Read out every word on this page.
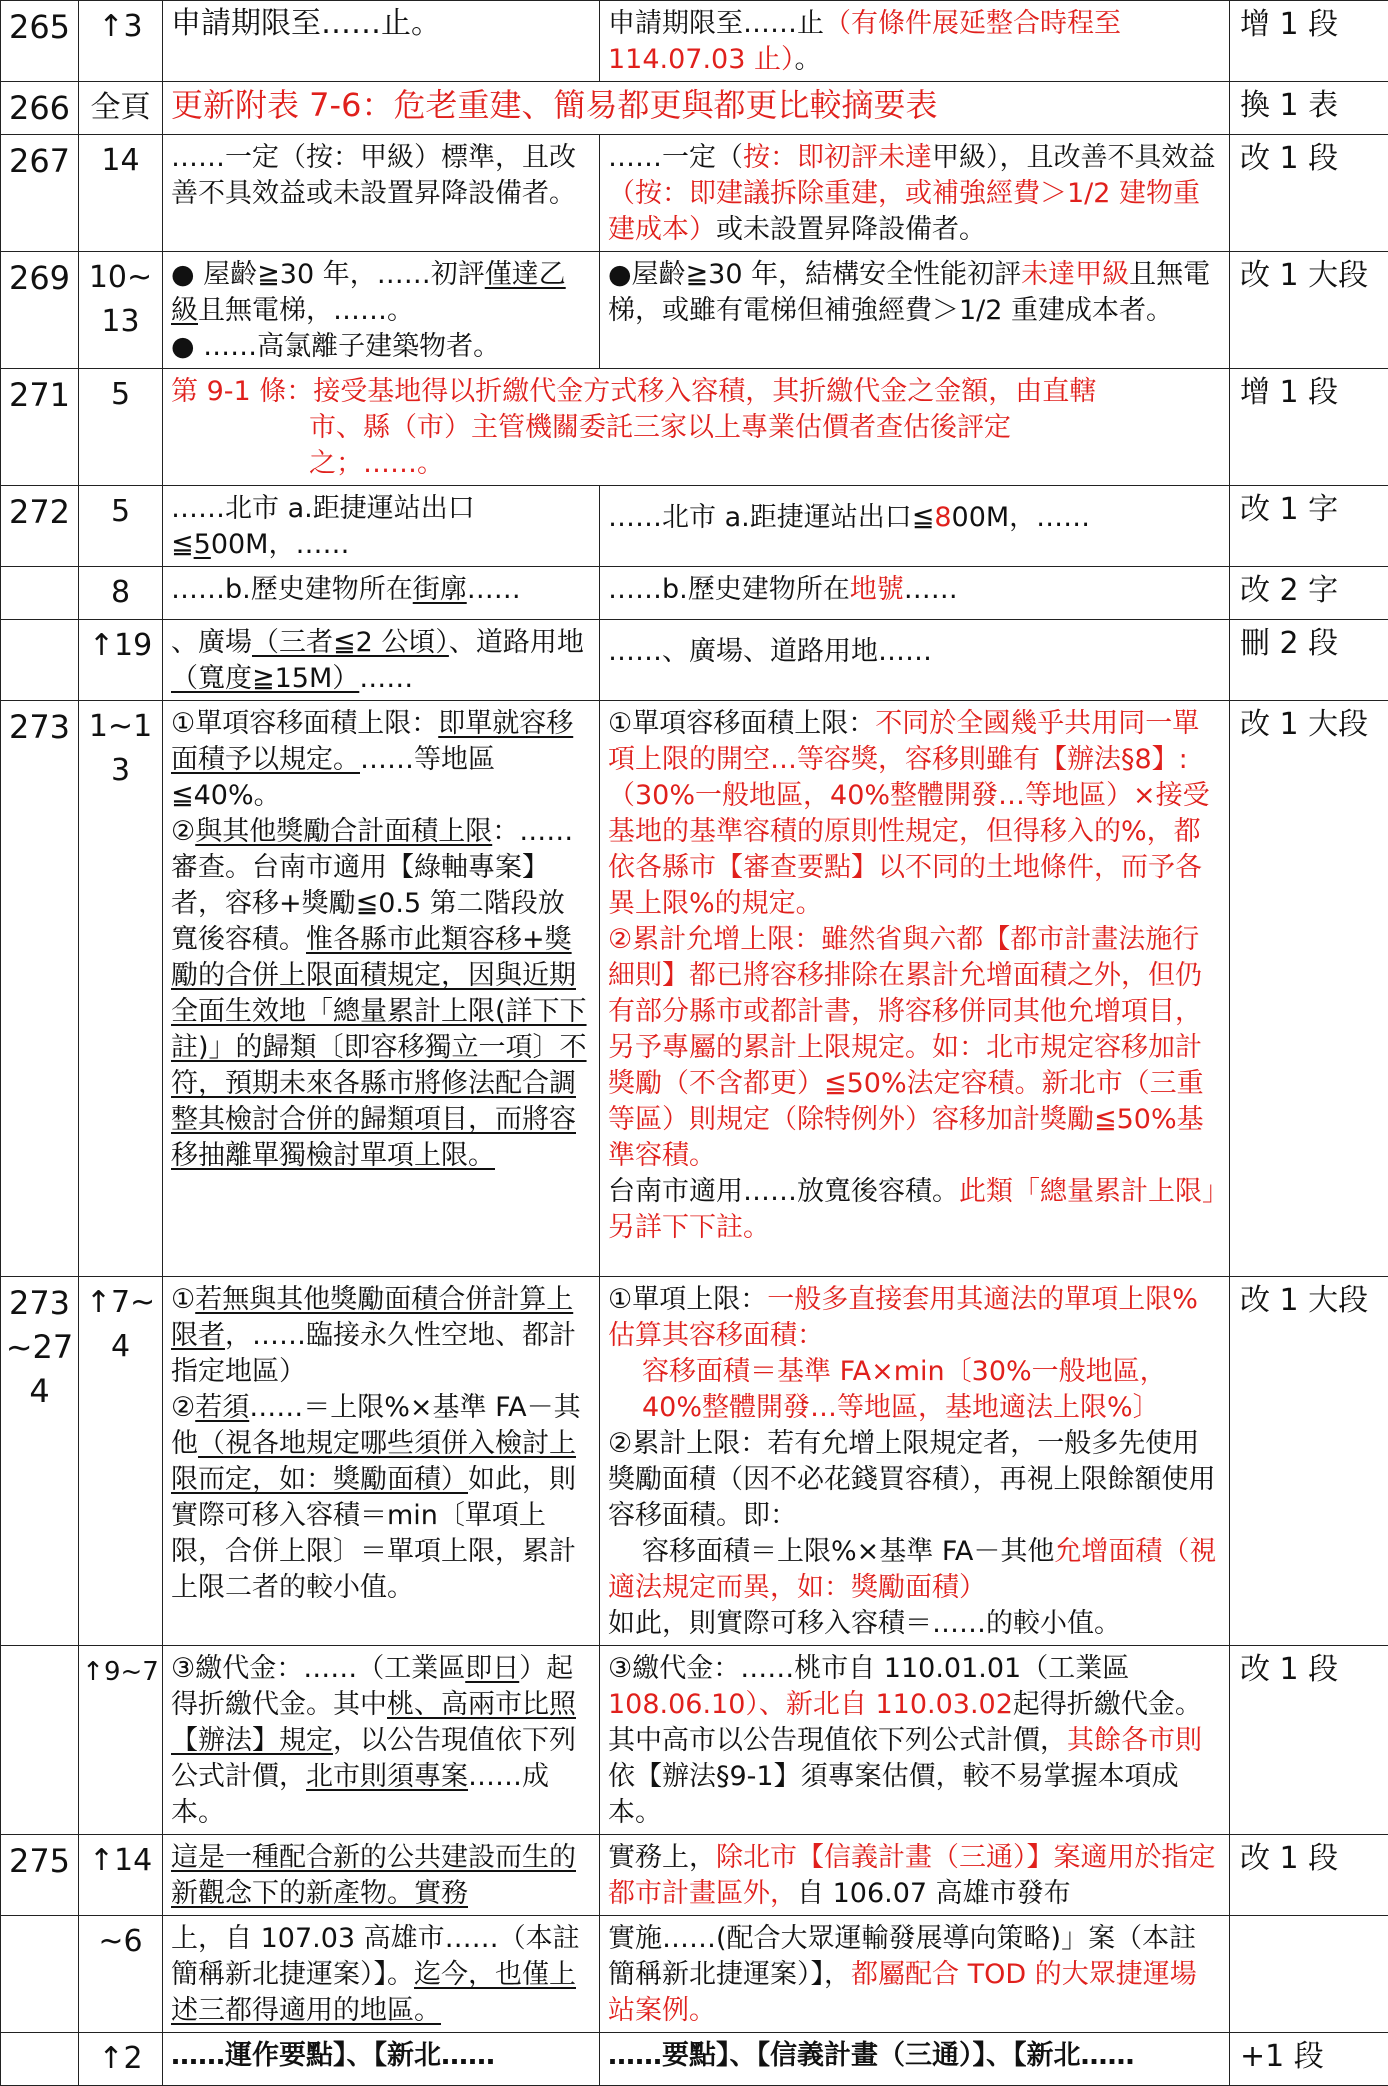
265	↑3	申請期限至……止。	申請期限至……止（有條件展延整合時程至114.07.03 止）。	增 1 段
266	全頁	更新附表 7-6：危老重建、簡易都更與都更比較摘要表		換 1 表
267	14	……一定（按：甲級）標準，且改善不具效益或未設置昇降設備者。	……一定（按：即初評未達甲級），且改善不具效益（按：即建議拆除重建，或補強經費＞1/2 建物重建成本）或未設置昇降設備者。	改 1 段
269	10~13	● 屋齡≧30 年，……初評僅達乙級且無電梯，……。
● ……高氯離子建築物者。	●屋齡≧30 年，結構安全性能初評未達甲級且無電梯，或雖有電梯但補強經費＞1/2 重建成本者。	改 1 大段
271	5	第 9-1 條：接受基地得以折繳代金方式移入容積，其折繳代金之金額，由直轄
市、縣（市）主管機關委託三家以上專業估價者查估後評定
之；……。		增 1 段
272	5	……北市 a.距捷運站出口≦500M，……	……北市 a.距捷運站出口≦800M，……	改 1 字
	8	……b.歷史建物所在街廓……	……b.歷史建物所在地號……	改 2 字
	↑19	、廣場（三者≦2 公頃）、道路用地（寬度≧15M）……	……、廣場、道路用地……	刪 2 段
273	1~13	①單項容移面積上限：即單就容移面積予以規定。……等地區≦40%。
②與其他獎勵合計面積上限：……審查。台南市適用【綠軸專案】者，容移+獎勵≦0.5 第二階段放寬後容積。惟各縣市此類容移+獎勵的合併上限面積規定，因與近期全面生效地「總量累計上限(詳下下註)」的歸類〔即容移獨立一項〕不符，預期未來各縣市將修法配合調整其檢討合併的歸類項目，而將容移抽離單獨檢討單項上限。	①單項容移面積上限：不同於全國幾乎共用同一單項上限的開空…等容獎，容移則雖有【辦法§8】:（30%一般地區，40%整體開發…等地區）×接受基地的基準容積的原則性規定，但得移入的%，都依各縣市【審查要點】以不同的土地條件，而予各異上限%的規定。
②累計允增上限：雖然省與六都【都市計畫法施行細則】都已將容移排除在累計允增面積之外，但仍有部分縣市或都計書，將容移併同其他允增項目，另予專屬的累計上限規定。如：北市規定容移加計獎勵（不含都更）≦50%法定容積。新北市（三重等區）則規定（除特例外）容移加計獎勵≦50%基準容積。
台南市適用……放寬後容積。此類「總量累計上限」另詳下下註。	改 1 大段
273~274	↑7~4	①若無與其他獎勵面積合併計算上限者，……臨接永久性空地、都計指定地區）
②若須……＝上限%×基準 FA－其他（視各地規定哪些須併入檢討上限而定，如：獎勵面積）如此，則實際可移入容積＝min〔單項上限，合併上限〕＝單項上限，累計上限二者的較小值。	①單項上限：一般多直接套用其適法的單項上限%估算其容移面積：
容移面積＝基準 FA×min〔30%一般地區，40%整體開發…等地區，基地適法上限%〕
②累計上限：若有允增上限規定者，一般多先使用獎勵面積（因不必花錢買容積），再視上限餘額使用容移面積。即：
容移面積＝上限%×基準 FA－其他允增面積（視適法規定而異，如：獎勵面積）
如此，則實際可移入容積＝……的較小值。	改 1 大段
	↑9~7	③繳代金：……（工業區即日）起得折繳代金。其中桃、高兩市比照【辦法】規定，以公告現值依下列公式計價，北市則須專案……成本。	③繳代金：……桃市自 110.01.01（工業區108.06.10）、新北自 110.03.02起得折繳代金。其中高市以公告現值依下列公式計價，其餘各市則依【辦法§9-1】須專案估價，較不易掌握本項成本。	改 1 段
275	↑14	這是一種配合新的公共建設而生的新觀念下的新產物。實務	實務上，除北市【信義計畫（三通）】案適用於指定都市計畫區外，自 106.07 高雄市發布	改 1 段
	~6	上，自 107.03 高雄市……（本註簡稱新北捷運案）】。迄今，也僅上述三都得適用的地區。	實施……(配合大眾運輸發展導向策略)」案（本註簡稱新北捷運案）】，都屬配合 TOD 的大眾捷運場站案例。	
	↑2	……運作要點】、【新北……	……要點】、【信義計畫（三通）】、【新北……	+1 段
